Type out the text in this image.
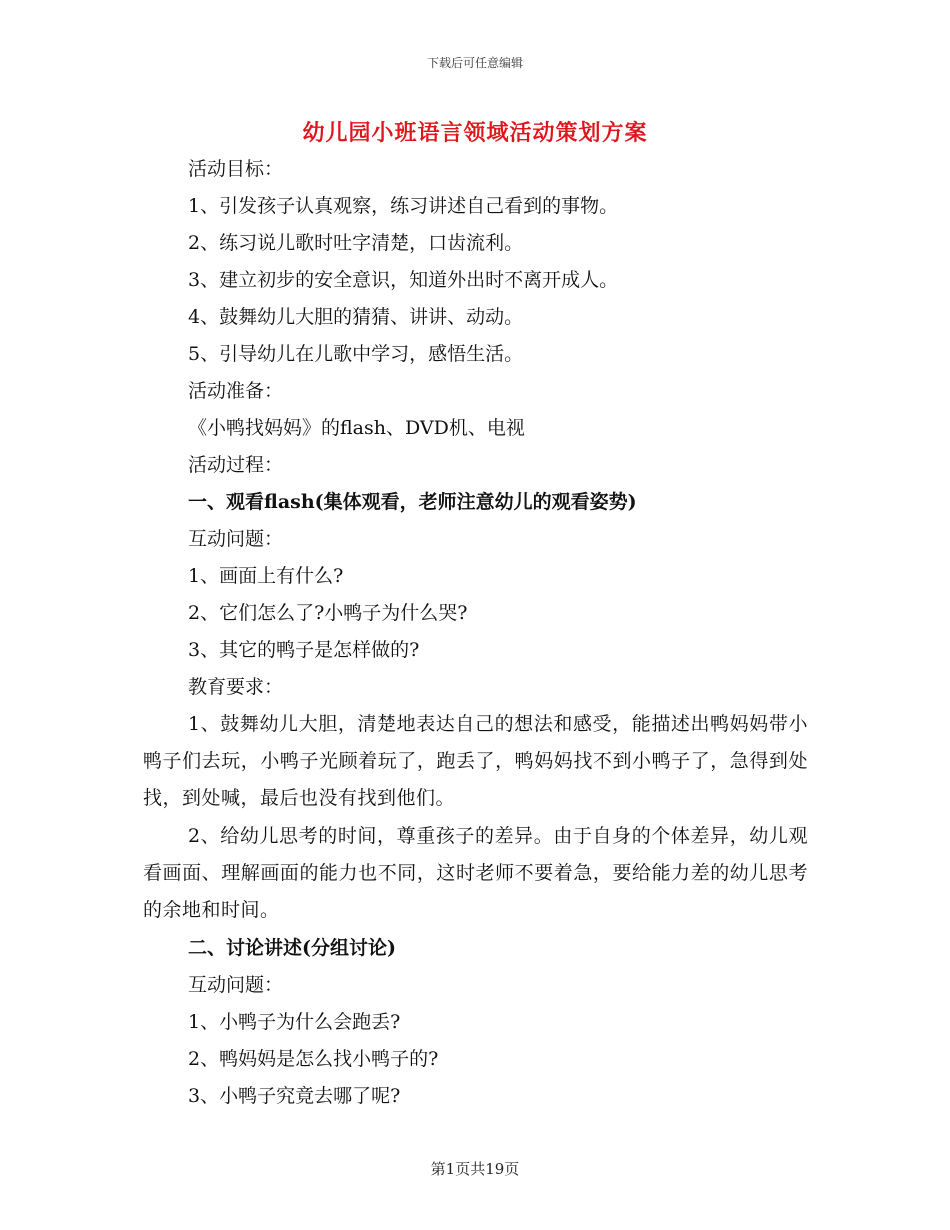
下载后可任意编辑
幼儿园小班语言领域活动策划方案
活动目标：
1、引发孩子认真观察，练习讲述自己看到的事物。
2、练习说儿歌时吐字清楚，口齿流利。
3、建立初步的安全意识，知道外出时不离开成人。
4、鼓舞幼儿大胆的猜猜、讲讲、动动。
5、引导幼儿在儿歌中学习，感悟生活。
活动准备：
《小鸭找妈妈》的flash、DVD机、电视
活动过程：
一、观看flash(集体观看，老师注意幼儿的观看姿势)
互动问题：
1、画面上有什么?
2、它们怎么了?小鸭子为什么哭?
3、其它的鸭子是怎样做的?
教育要求：
1、鼓舞幼儿大胆，清楚地表达自己的想法和感受，能描述出鸭妈妈带小鸭子们去玩，小鸭子光顾着玩了，跑丢了，鸭妈妈找不到小鸭子了，急得到处找，到处喊，最后也没有找到他们。
2、给幼儿思考的时间，尊重孩子的差异。由于自身的个体差异，幼儿观看画面、理解画面的能力也不同，这时老师不要着急，要给能力差的幼儿思考的余地和时间。
二、讨论讲述(分组讨论)
互动问题：
1、小鸭子为什么会跑丢?
2、鸭妈妈是怎么找小鸭子的?
3、小鸭子究竟去哪了呢?
第1页共19页
